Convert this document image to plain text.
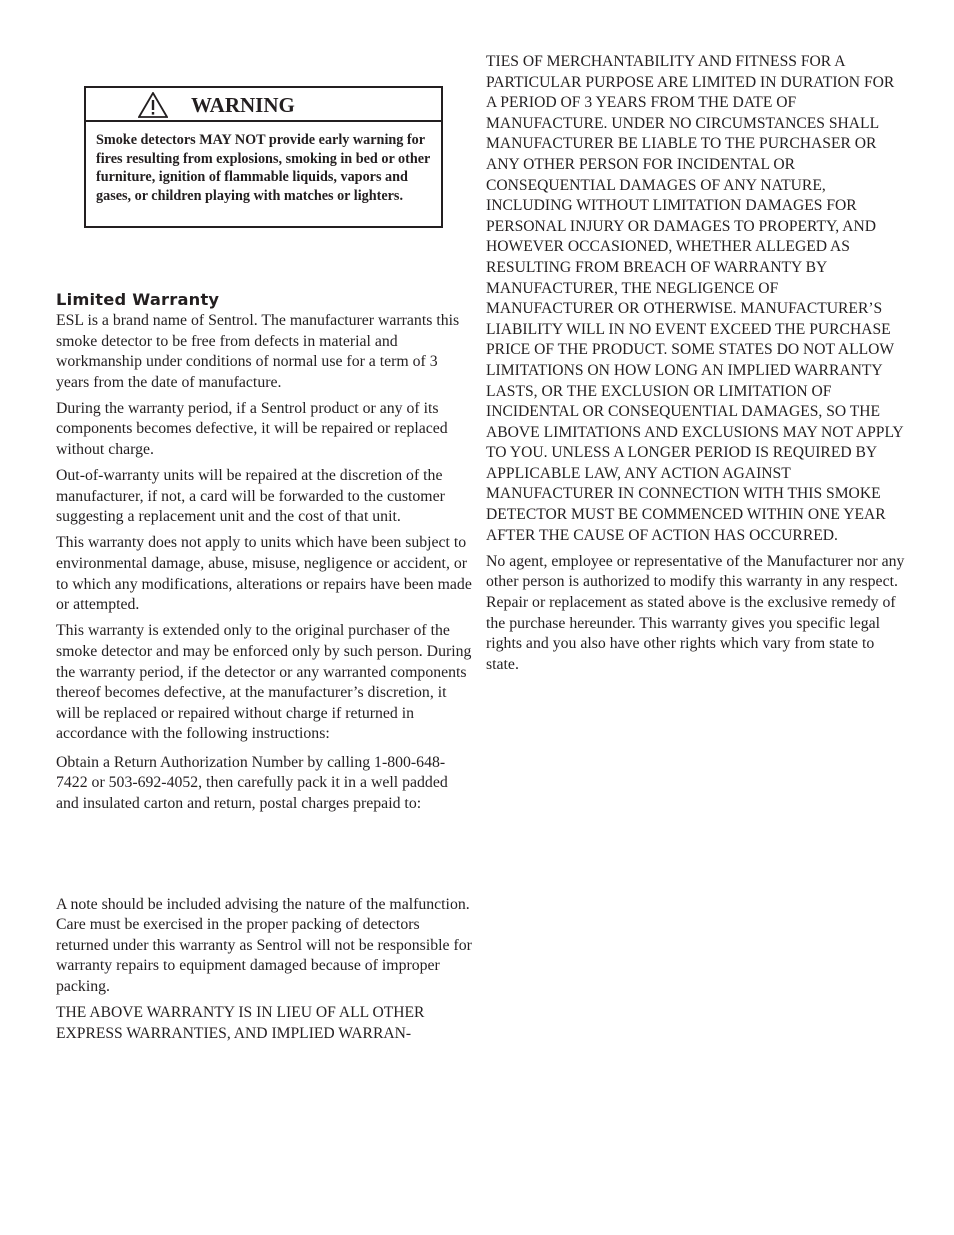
WARNING

Smoke detectors MAY NOT provide early warning for fires resulting from explosions, smoking in bed or other furniture, ignition of flammable liquids, vapors and gases, or children playing with matches or lighters.

Limited Warranty

ESL is a brand name of Sentrol. The manufacturer warrants this smoke detector to be free from defects in material and workmanship under conditions of normal use for a term of 3 years from the date of manufacture.

During the warranty period, if a Sentrol product or any of its components becomes defective, it will be repaired or replaced without charge.

Out-of-warranty units will be repaired at the discretion of the manufacturer, if not, a card will be forwarded to the customer suggesting a replacement unit and the cost of that unit.

This warranty does not apply to units which have been subject to environmental damage, abuse, misuse, negligence or accident, or to which any modifications, alterations or repairs have been made or attempted.

This warranty is extended only to the original purchaser of the smoke detector and may be enforced only by such person. During the warranty period, if the detector or any warranted components thereof becomes defective, at the manufacturer’s discretion, it will be replaced or repaired without charge if returned in accordance with the following instructions:

Obtain a Return Authorization Number by calling 1-800-648-7422 or 503-692-4052, then carefully pack it in a well padded and insulated carton and return, postal charges prepaid to:

A note should be included advising the nature of the malfunction. Care must be exercised in the proper packing of detectors returned under this warranty as Sentrol will not be responsible for warranty repairs to equipment damaged because of improper packing.

THE ABOVE WARRANTY IS IN LIEU OF ALL OTHER EXPRESS WARRANTIES, AND IMPLIED WARRAN-

TIES OF MERCHANTABILITY AND FITNESS FOR A PARTICULAR PURPOSE ARE LIMITED IN DURATION FOR A PERIOD OF 3 YEARS FROM THE DATE OF MANUFACTURE. UNDER NO CIRCUMSTANCES SHALL MANUFACTURER BE LIABLE TO THE PURCHASER OR ANY OTHER PERSON FOR INCIDENTAL OR CONSEQUENTIAL DAMAGES OF ANY NATURE, INCLUDING WITHOUT LIMITATION DAMAGES FOR PERSONAL INJURY OR DAMAGES TO PROPERTY, AND HOWEVER OCCASIONED, WHETHER ALLEGED AS RESULTING FROM BREACH OF WARRANTY BY MANUFACTURER, THE NEGLIGENCE OF MANUFACTURER OR OTHERWISE. MANUFACTURER’S LIABILITY WILL IN NO EVENT EXCEED THE PURCHASE PRICE OF THE PRODUCT. SOME STATES DO NOT ALLOW LIMITATIONS ON HOW LONG AN IMPLIED WARRANTY LASTS, OR THE EXCLUSION OR LIMITATION OF INCIDENTAL OR CONSEQUENTIAL DAMAGES, SO THE ABOVE LIMITATIONS AND EXCLUSIONS MAY NOT APPLY TO YOU. UNLESS A LONGER PERIOD IS REQUIRED BY APPLICABLE LAW, ANY ACTION AGAINST MANUFACTURER IN CONNECTION WITH THIS SMOKE DETECTOR MUST BE COMMENCED WITHIN ONE YEAR AFTER THE CAUSE OF ACTION HAS OCCURRED.

No agent, employee or representative of the Manufacturer nor any other person is authorized to modify this warranty in any respect. Repair or replacement as stated above is the exclusive remedy of the purchase hereunder. This warranty gives you specific legal rights and you also have other rights which vary from state to state.
